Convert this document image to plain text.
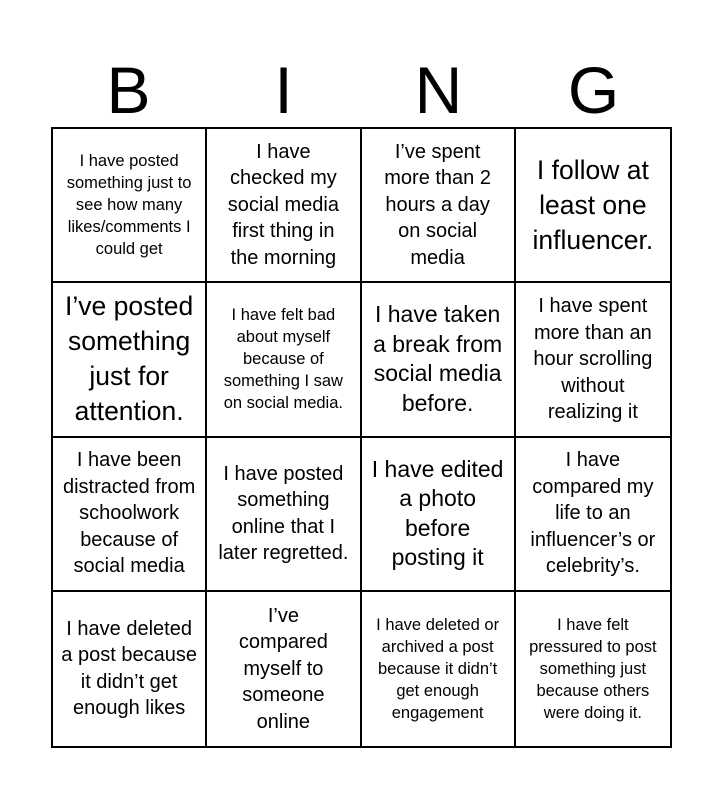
B	I	N	G
I have posted something just to see how many likes/comments I could get
I have checked my social media first thing in the morning
I’ve spent more than 2 hours a day on social media
I follow at least one influencer.
I’ve posted something just for attention.
I have felt bad about myself because of something I saw on social media.
I have taken a break from social media before.
I have spent more than an hour scrolling without realizing it
I have been distracted from schoolwork because of social media
I have posted something online that I later regretted.
I have edited a photo before posting it
I have compared my life to an influencer’s or celebrity’s.
I have deleted a post because it didn’t get enough likes
I’ve compared myself to someone online
I have deleted or archived a post because it didn’t get enough engagement
I have felt pressured to post something just because others were doing it.
